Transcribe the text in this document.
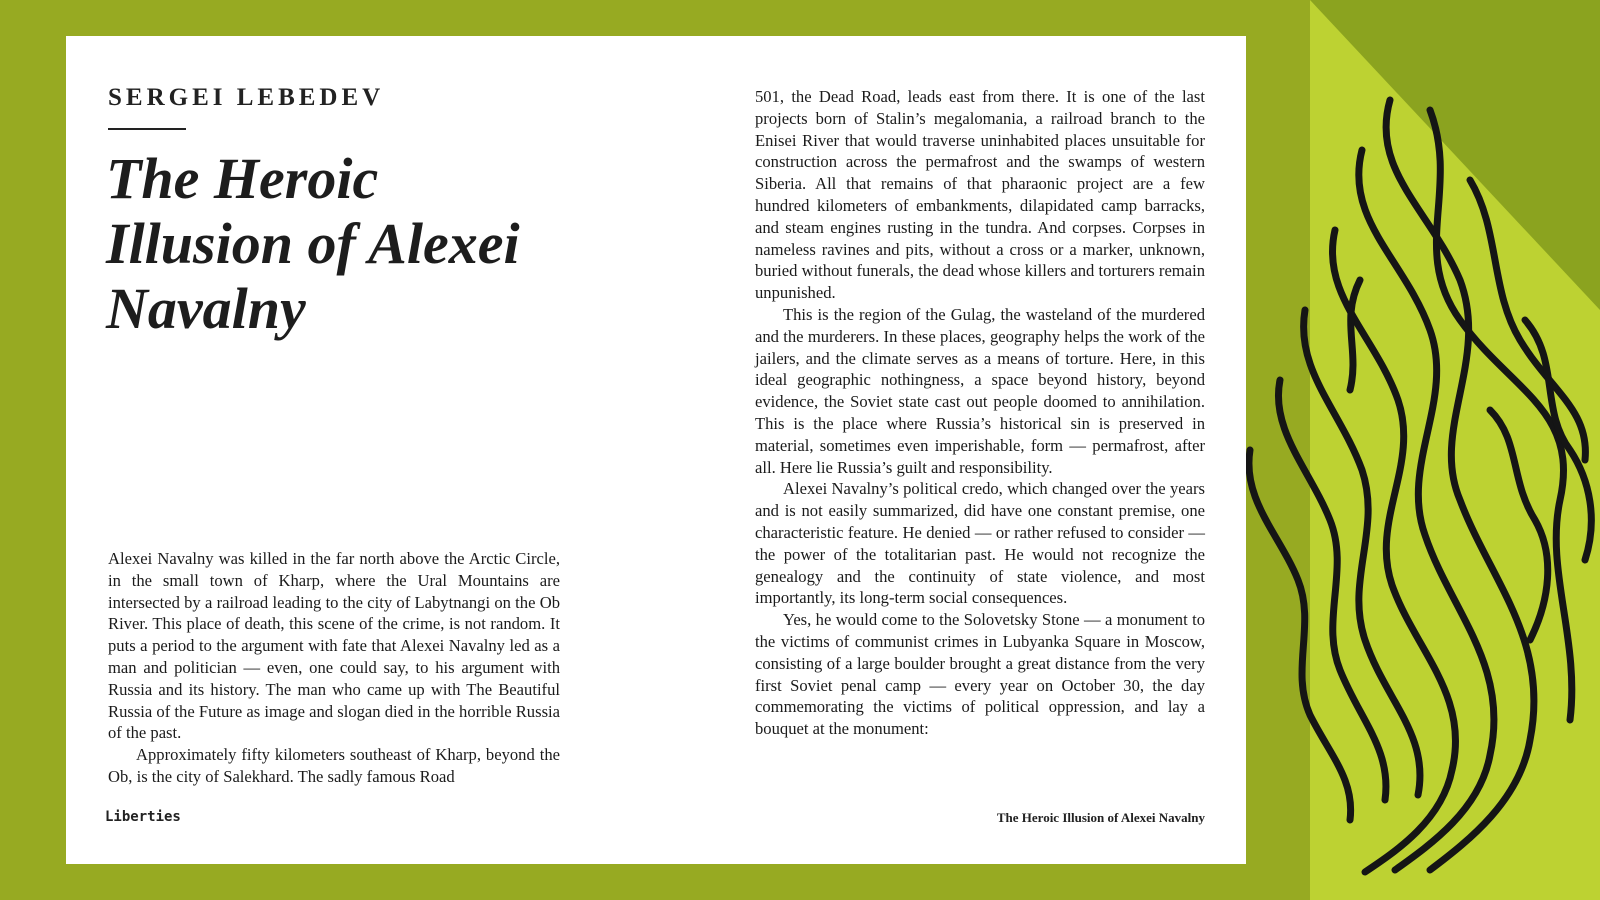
SERGEI LEBEDEV
The Heroic
Illusion of Alexei
Navalny

Alexei Navalny was killed in the far north above the Arctic Circle, in the small town of Kharp, where the Ural Mountains are intersected by a railroad leading to the city of Labytnangi on the Ob River. This place of death, this scene of the crime, is not random. It puts a period to the argument with fate that Alexei Navalny led as a man and politician — even, one could say, to his argument with Russia and its history. The man who came up with The Beautiful Russia of the Future as image and slogan died in the horrible Russia of the past.

Approximately fifty kilometers southeast of Kharp, beyond the Ob, is the city of Salekhard. The sadly famous Road

501, the Dead Road, leads east from there. It is one of the last projects born of Stalin’s megalomania, a railroad branch to the Enisei River that would traverse uninhabited places unsuitable for construction across the permafrost and the swamps of western Siberia. All that remains of that pharaonic project are a few hundred kilometers of embankments, dilapidated camp barracks, and steam engines rusting in the tundra. And corpses. Corpses in nameless ravines and pits, without a cross or a marker, unknown, buried without funerals, the dead whose killers and torturers remain unpunished.

This is the region of the Gulag, the wasteland of the murdered and the murderers. In these places, geography helps the work of the jailers, and the climate serves as a means of torture. Here, in this ideal geographic nothingness, a space beyond history, beyond evidence, the Soviet state cast out people doomed to annihilation. This is the place where Russia’s historical sin is preserved in material, sometimes even imperishable, form — permafrost, after all. Here lie Russia’s guilt and responsibility.

Alexei Navalny’s political credo, which changed over the years and is not easily summarized, did have one constant premise, one characteristic feature. He denied — or rather refused to consider — the power of the totalitarian past. He would not recognize the genealogy and the continuity of state violence, and most importantly, its long-term social consequences.

Yes, he would come to the Solovetsky Stone — a monument to the victims of communist crimes in Lubyanka Square in Moscow, consisting of a large boulder brought a great distance from the very first Soviet penal camp — every year on October 30, the day commemorating the victims of political oppression, and lay a bouquet at the monument:

Liberties	The Heroic Illusion of Alexei Navalny
